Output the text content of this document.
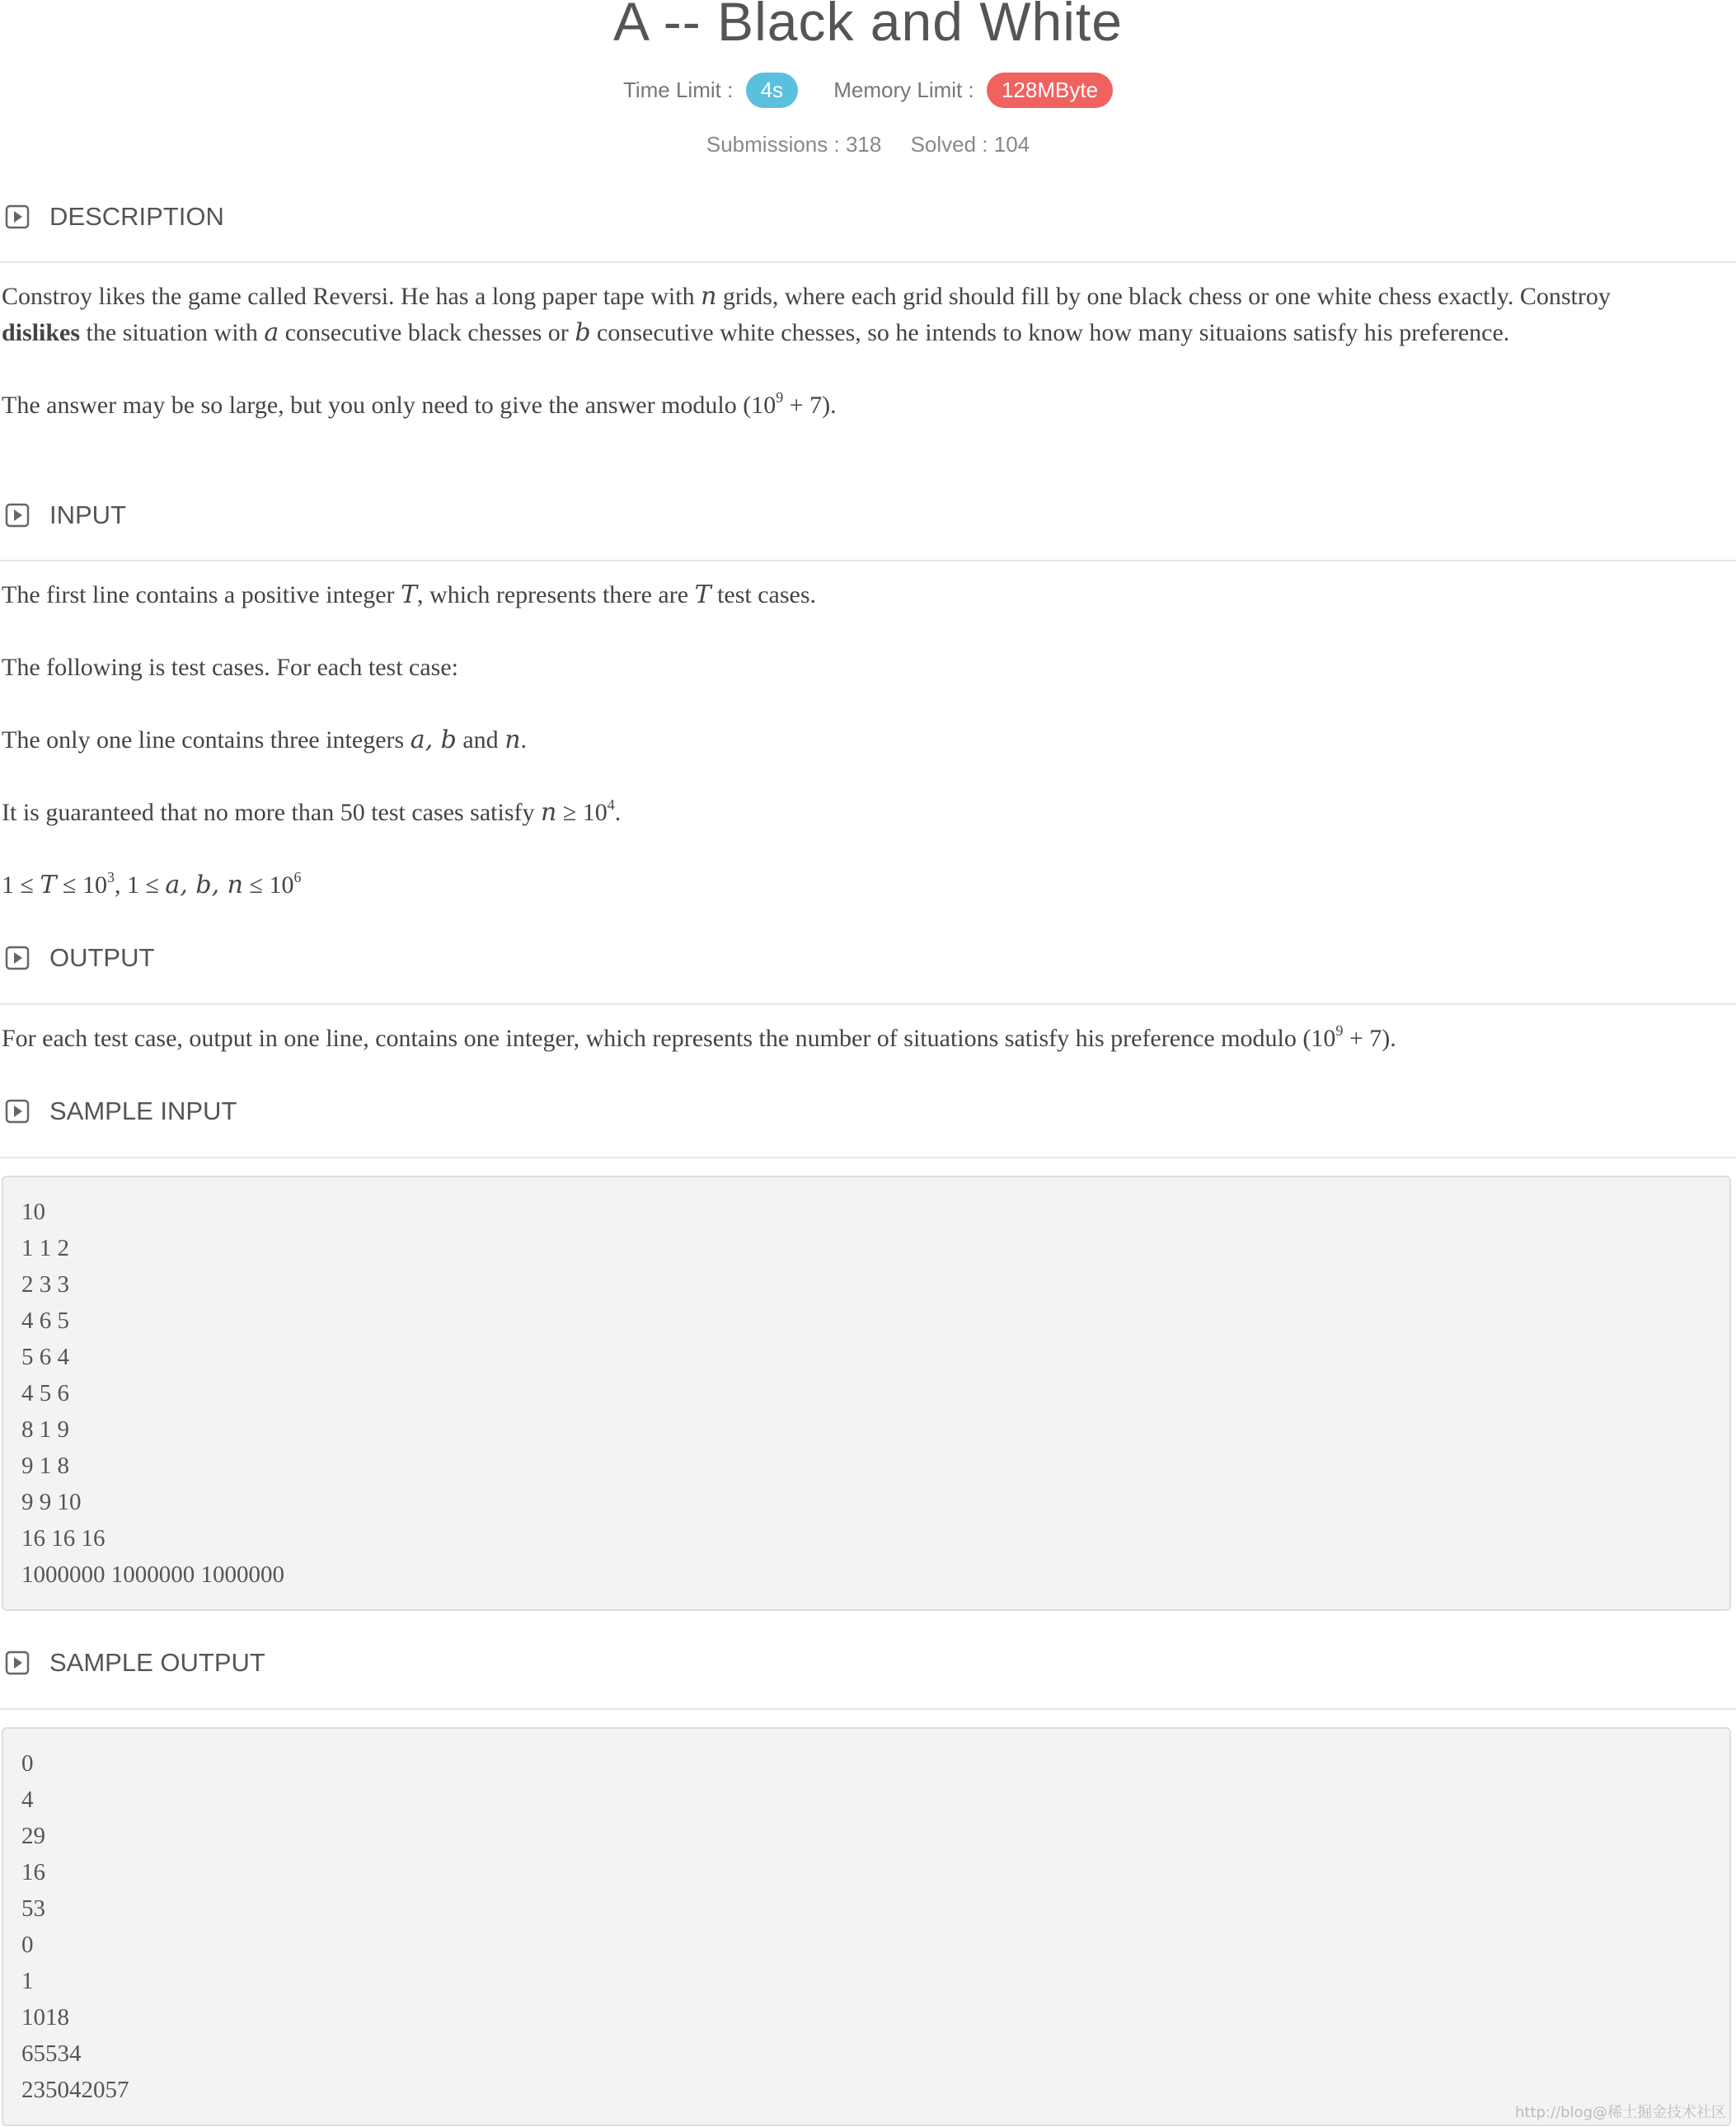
A -- Black and White
Time Limit : 4s Memory Limit : 128MByte
Submissions : 318 Solved : 104
DESCRIPTION
Constroy likes the game called Reversi. He has a long paper tape with n grids, where each grid should fill by one black chess or one white chess exactly. Constroy
dislikes the situation with a consecutive black chesses or b consecutive white chesses, so he intends to know how many situaions satisfy his preference.
The answer may be so large, but you only need to give the answer modulo $(10^9 + 7)$.
INPUT
The first line contains a positive integer T, which represents there are T test cases.
The following is test cases. For each test case:
The only one line contains three integers a, b and n.
It is guaranteed that no more than 50 test cases satisfy $n \ge 10^4$.
$1 \le T \le 10^3$, 1 ≤ a, b, $n \le 10^6$
OUTPUT
For each test case, output in one line, contains one integer, which represents the number of situations satisfy his preference modulo $(10^9 + 7)$.
SAMPLE INPUT
10
1 1 2
2 3 3
4 6 5
5 6 4
4 5 6
8 1 9
9 1 8
9 9 10
16 16 16
1000000 1000000 1000000
SAMPLE OUTPUT
0
4
29
16
53
0
1
1018
65534
235042057
http://blog@稀土掘金技术社区
